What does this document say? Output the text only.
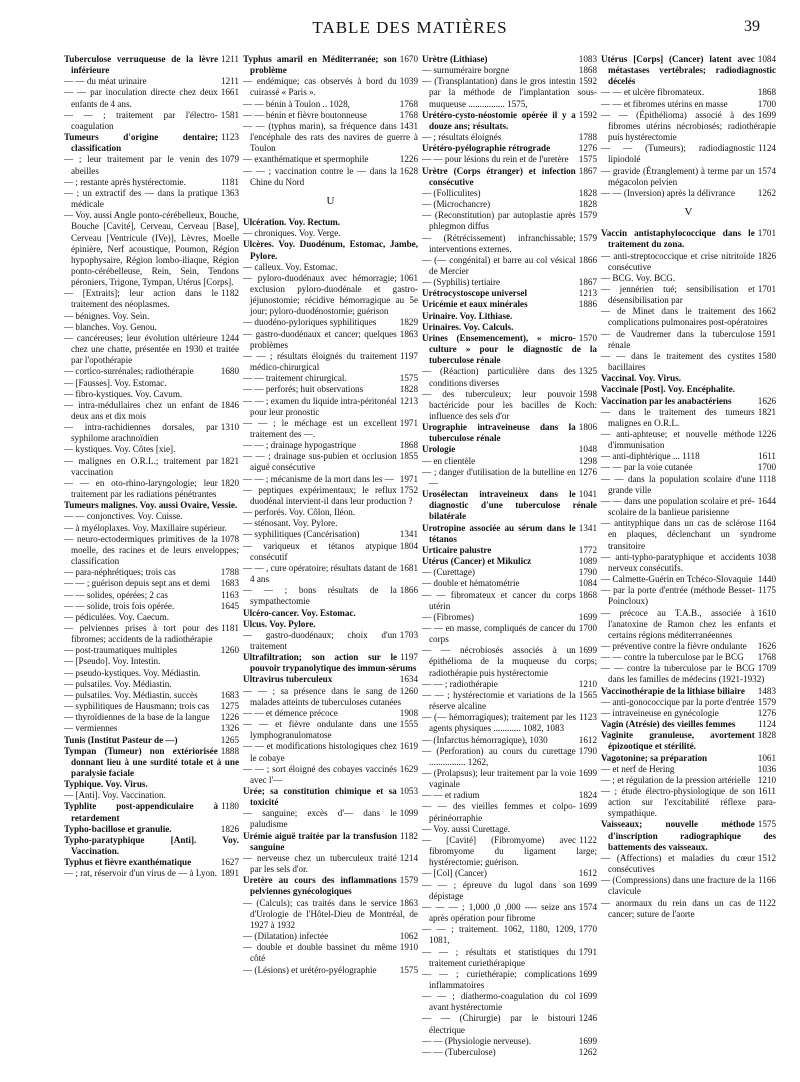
TABLE DES MATIÈRES	39
1211
Tuberculose verruqueuse de la lèvre inférieure
1211
— — du méat urinaire
1661
— — par inoculation directe chez deux enfants de 4 ans.
1581
— — ; traitement par l'électro-coagulation
1123
Tumeurs d'origine dentaire; classification
1079
— ; leur traitement par le venin des abeilles
1181
— ; restante après hystérectomie.
1363
— ; un extractif des — dans la pratique médicale
— Voy. aussi Angle ponto-cérébelleux, Bouche, Bouche [Cavité], Cerveau, Cerveau [Base], Cerveau [Ventricule (IVe)], Lèvres, Moelle épinière, Nerf acoustique, Poumon, Région hypophysaire, Région lombo-iliaque, Région ponto-cérébelleuse, Rein, Sein, Tendons péroniers, Trigone, Tympan, Utérus [Corps].
1182
— [Extraits]; leur action dans le traitement des néoplasmes.
— bénignes. Voy. Sein.
— blanches. Voy. Genou.
1244
— cancéreuses; leur évolution ultérieure chez une chatte, présentée en 1930 et traitée par l'opothérapie
1680
— cortico-surrénales; radiothérapie
— [Fausses]. Voy. Estomac.
— fibro-kystiques. Voy. Cavum.
1846
— intra-médullaires chez un enfant de deux ans et dix mois
1310
— intra-rachidiennes dorsales, par syphilome arachnoïdien
— kystiques. Voy. Côtes [xie].
1821
— malignes en O.R.L.; traitement par vaccination
1820
— — en oto-rhino-laryngologie; leur traitement par les radiations pénétrantes
Tumeurs malignes. Voy. aussi Ovaire, Vessie.
— — conjonctives. Voy. Cuisse.
— à myéloplaxes. Voy. Maxillaire supérieur.
1078
— neuro-ectodermiques primitives de la moelle, des racines et de leurs enveloppes; classification
1788
— para-néphrétiques; trois cas
1683
— — ; guérison depuis sept ans et demi
1163
— — solides, opérées; 2 cas
1645
— — solide, trois fois opérée.
— pédiculées. Voy. Caecum.
1181
— pelviennes prises à tort pour des fibromes; accidents de la radiothérapie
1260
— post-traumatiques multiples
— [Pseudo]. Voy. Intestin.
— pseudo-kystiques. Voy. Médiastin.
— pulsatiles. Voy. Médiastin.
1683
— pulsatiles. Voy. Médiastin. succès
1275
— syphilitiques de Hausmann; trois cas
1226
— thyroïdiennes de la base de la langue
1326
— vermiennes
1265
Tunis (Institut Pasteur de —)
1888
Tympan (Tumeur) non extériorisée donnant lieu à une surdité totale et à une paralysie faciale
Typhique. Voy. Virus.
— [Anti]. Voy. Vaccination.
1180
Typhlite post-appendiculaire à retardement
1826
Typho-bacillose et granulie.
Typho-paratyphique [Anti]. Voy. Vaccination.
1627
Typhus et fièvre exanthématique
1891
— ; rat, réservoir d'un virus de — à Lyon.
1670
Typhus amaril en Méditerranée; son problème
1039
— endémique; cas observés à bord du cuirassé « Paris ».
1768
— — bénin à Toulon .. 1028,
1768
— — bénin et fièvre boutonneuse
1431
— — (typhus marin), sa fréquence dans l'encéphale des rats des navires de guerre à Toulon
1226
— exanthématique et spermophile
1628
— — ; vaccination contre le — dans la Chine du Nord
U
Ulcération. Voy. Rectum.
— chroniques. Voy. Verge.
Ulcères. Voy. Duodénum, Estomac, Jambe, Pylore.
— calleux. Voy. Estomac.
1061
— pyloro-duodénaux avec hémorragie; exclusion pyloro-duodénale et gastro-jéjunostomie; récidive hémorragique au 5e jour; pyloro-duodénostomie; guérison
1829
— duodéno-pyloriques syphilitiques
1863
— gastro-duodénaux et cancer; quelques problèmes
1197
— — ; résultats éloignés du traitement médico-chirurgical
1575
— — traitement chirurgical.
1828
— — perforés; huit observations
1213
— — ; examen du liquide intra-péritonéal pour leur pronostic
1971
— — ; le méchage est un excellent traitement des —.
1868
— — ; drainage hypogastrique
1855
— — ; drainage sus-pubien et occlusion aiguë consécutive
1971
— — ; mécanisme de la mort dans les —
1752
— peptiques expérimentaux; le reflux duodénal intervient-il dans leur production ?
— perforés. Voy. Côlon, Iléon.
— sténosant. Voy. Pylore.
1341
— syphilitiques (Cancérisation)
1804
— variqueux et tétanos atypique consécutif
1681
— — , cure opératoire; résultats datant de 4 ans
1866
— — ; bons résultats de la sympathectomie
Ulcéro-cancer. Voy. Estomac.
Ulcus. Voy. Pylore.
1703
— gastro-duodénaux; choix d'un traitement
1197
Ultrafiltration; son action sur le pouvoir trypanolytique des immun-sérums
1634
Ultravirus tuberculeux
1260
— — ; sa présence dans le sang de malades atteints de tuberculoses cutanées
1908
— — et démence précoce
1555
— — et fièvre ondulante dans une lymphogranulomatose
1619
— — et modifications histologiques chez le cobaye
1629
— — ; sort éloigné des cobayes vaccinés avec l'—
1053
Urée; sa constitution chimique et sa toxicité
1099
— sanguine; excès d'— dans le paludisme
1182
Urémie aiguë traitée par la transfusion sanguine
1214
— nerveuse chez un tuberculeux traité par les sels d'or.
1579
Uretère au cours des inflammations pelviennes gynécologiques
1863
— (Calculs); cas traités dans le service d'Urologie de l'Hôtel-Dieu de Montréal, de 1927 à 1932
1062
— (Dilatation) infectée
1910
— double et double bassinet du même côté
1575
— (Lésions) et urétéro-pyélographie
1083
Urètre (Lithiase)
1868
— surnuméraire borgne
1592
— (Transplantation) dans le gros intestin par la méthode de l'implantation sous-muqueuse ................ 1575,
1592
Urétéro-cysto-néostomie opérée il y a douze ans; résultats.
1788
— ; résultats éloignés
1276
Urétéro-pyélographie rétrograde
1575
— — pour lésions du rein et de l'uretère
1867
Urètre (Corps étranger) et infection consécutive
1828
— (Folliculites)
1828
— (Microchancre)
1579
— (Reconstitution) par autoplastie après phlegmon diffus
1579
— (Rétrécissement) infranchissable; interventions externes.
1866
— (— congénital) et barre au col vésical de Mercier
1867
— (Syphilis) tertiaire
1213
Urétrocystoscope universel
1886
Uricémie et eaux minérales
Urinaire. Voy. Lithiase.
Urinaires. Voy. Calculs.
1570
Urines (Ensemencement), « micro-culture » pour le diagnostic de la tuberculose rénale
1325
— (Réaction) particulière dans des conditions diverses
1598
— des tuberculeux; leur pouvoir bactéricide pour les bacilles de Koch: influence des sels d'or
1806
Urographie intraveineuse dans la tuberculose rénale
1048
Urologie
1298
— en clientèle
1276
— ; danger d'utilisation de la butelline en —
1041
Urosélectan intraveineux dans le diagnostic d'une tuberculose rénale bilatérale
1341
Urotropine associée au sérum dans le tétanos
1772
Urticaire palustre
1089
Utérus (Cancer) et Mikulicz
1790
— (Curettage)
1084
— double et hématométrie
1868
— — fibromateux et cancer du corps utérin
1699
— (Fibromes)
1700
— — en masse, compliqués de cancer du corps
1699
— — nécrobiosés associés à un épithélioma de la muqueuse du corps; radiothérapie puis hystérectomie
1210
— — ; radiothérapie
1565
— — ; hystérectomie et variations de la réserve alcaline
1123
— (— hémorragiques); traitement par les agents physiques ............ 1082, 1083
1612
— (Infarctus hémorragique), 1030
1790
— (Perforation) au cours du curettage ................ 1262,
1699
— (Prolapsus); leur traitement par la voie vaginale
1824
— — et radium
1699
— — des vieilles femmes et colpo-périnéorraphie
— Voy. aussi Curettage.
1122
— [Cavité] (Fibromyome) avec fibromyome du ligament large; hystérectomie; guérison.
1612
— [Col] (Cancer)
1699
— — ; épreuve du lugol dans son dépistage
1574
— — — ; 1,000 ,0 ,000 ---- seize ans après opération pour fibrome
1770
— — ; traitement. 1062, 1180, 1209, 1081,
1791
— — ; résultats et statistiques du traitement curiethérapique
1699
— — ; curiethérapie; complications inflammatoires
1699
— — ; diathermo-coagulation du col avant hystérectomie
1246
— — (Chirurgie) par le bistouri électrique
1699
— — (Physiologie nerveuse).
1262
— — (Tuberculose)
1084
Utérus [Corps] (Cancer) latent avec métastases vertébrales; radiodiagnostic décelés
1868
— — et ulcère fibromateux.
1700
— — et fibromes utérins en masse
1699
— — (Épithélioma) associé à des fibromes utérins nécrobiosés; radiothérapie puis hystérectomie
1124
— — (Tumeurs); radiodiagnostic lipiodolé
1574
— gravide (Étranglement) à terme par un mégacolon pelvien
1262
— — (Inversion) après la délivrance
V
1701
Vaccin antistaphylococcique dans le traitement du zona.
1826
— anti-streptococcique et crise nitritoïde consécutive
— BCG. Voy. BCG.
1701
— jennérien tué; sensibilisation et désensibilisation par
1662
— de Minet dans le traitement des complications pulmonaires post-opératoires
1591
— de Vaudremer dans la tuberculose rénale
1580
— — dans le traitement des cystites bacillaires
Vaccinal. Voy. Virus.
Vaccinale [Post]. Voy. Encéphalite.
1626
Vaccination par les anabactériens
1821
— dans le traitement des tumeurs malignes en O.R.L.
1226
— anti-aphteuse; et nouvelle méthode d'immunisation
1611
— anti-diphtérique ... 1118
1700
— — par la voie cutanée
1118
— — dans la population scolaire d'une grande ville
1644
— — dans une population scolaire et pré-scolaire de la banlieue parisienne
1164
— antityphique dans un cas de sclérose en plaques, déclenchant un syndrome transitoire
1038
— anti-typho-paratyphique et accidents nerveux consécutifs.
1440
— Calmette-Guérin en Tchéco-Slovaquie
1175
— par la porte d'entrée (méthode Besset-Poincloux)
1610
— précoce au T.A.B., associée à l'anatoxine de Ramon chez les enfants et certains régions méditerranéennes
1626
— préventive contre la fièvre ondulante
1768
— — contre la tuberculose par le BCG
1709
— — contre la tuberculose par le BCG dans les familles de médecins (1921-1932)
1483
Vaccinothérapie de la lithiase biliaire
1579
— anti-gonococcique par la porte d'entrée
1276
— intraveineuse en gynécologie
1124
Vagin (Atrésie) des vieilles femmes
1828
Vaginite granuleuse, avortement épizootique et stérilité.
1061
Vagotonine; sa préparation
1036
— et nerf de Hering
1210
— ; et régulation de la pression artérielle
1611
— ; étude électro-physiologique de son action sur l'excitabilité réflexe para-sympathique.
1575
Vaisseaux; nouvelle méthode d'inscription radiographique des battements des vaisseaux.
1512
— (Affections) et maladies du cœur consécutives
1166
— (Compressions) dans une fracture de la clavicule
1122
— anormaux du rein dans un cas de cancer; suture de l'aorte
